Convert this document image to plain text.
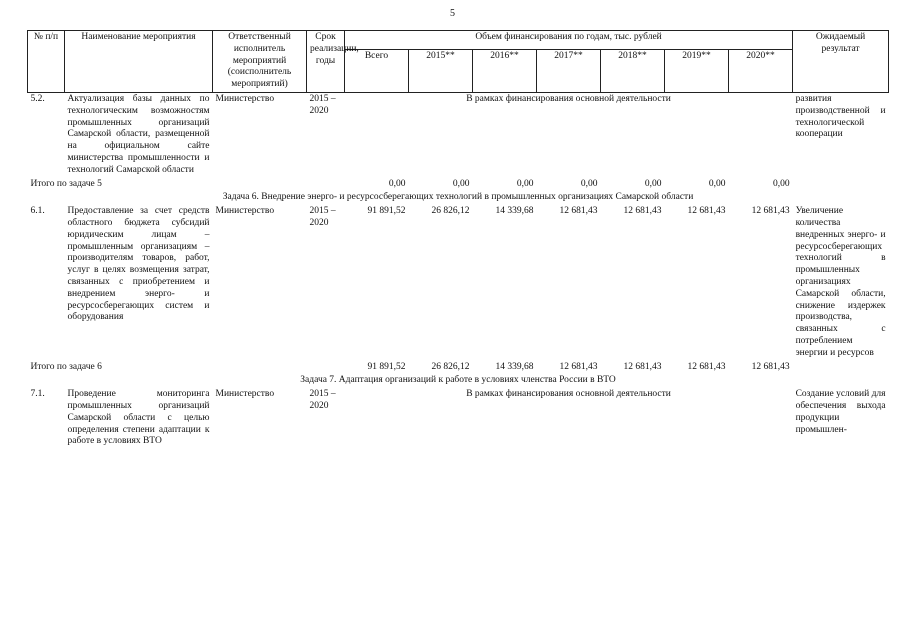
5
№ п/п	Наименование мероприятия	Ответственный исполнитель мероприятий (соисполнитель мероприятий)	Срок реализации, годы	Объем финансирования по годам, тыс. рублей							Ожидаемый результат
				Всего	2015**	2016**	2017**	2018**	2019**	2020**	
5.2.	Актуализация базы данных по технологическим возможностям промышленных организаций Самарской области, размещенной на официальном сайте министерства промышленности и технологий Самарской области	Министерство	2015 – 2020	В рамках финансирования основной деятельности							развития производственной и технологической кооперации
Итого по задаче 5				0,00	0,00	0,00	0,00	0,00	0,00	0,00	
Задача 6. Внедрение энерго- и ресурсосберегающих технологий в промышленных организациях Самарской области											
6.1.	Предоставление за счет средств областного бюджета субсидий юридическим лицам – промышленным организациям – производителям товаров, работ, услуг в целях возмещения затрат, связанных с приобретением и внедрением энерго- и ресурсосберегающих систем и оборудования	Министерство	2015 – 2020	91 891,52	26 826,12	14 339,68	12 681,43	12 681,43	12 681,43	12 681,43	Увеличение количества внедренных энерго- и ресурсосберегающих технологий в промышленных организациях Самарской области, снижение издержек производства, связанных с потреблением энергии и ресурсов
Итого по задаче 6				91 891,52	26 826,12	14 339,68	12 681,43	12 681,43	12 681,43	12 681,43	
Задача 7. Адаптация организаций к работе в условиях членства России в ВТО											
7.1.	Проведение мониторинга промышленных организаций Самарской области с целью определения степени адаптации к работе в условиях ВТО	Министерство	2015 – 2020	В рамках финансирования основной деятельности							Создание условий для обеспечения выхода продукции промышлен-
